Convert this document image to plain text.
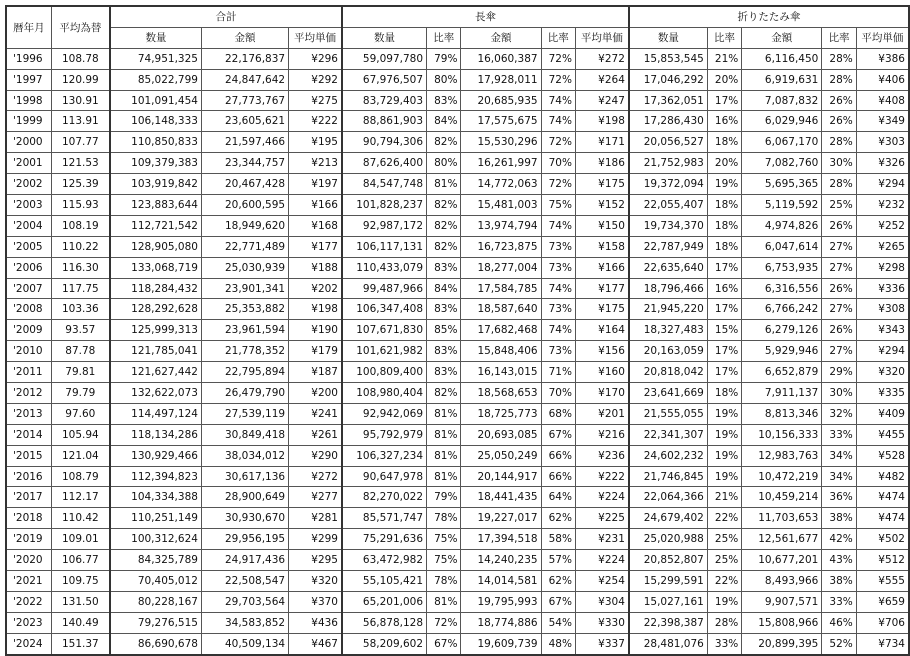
暦年月	平均為替	合計			長傘					折りたたみ傘				
		数量	金額	平均単価	数量	比率	金額	比率	平均単価	数量	比率	金額	比率	平均単価
'1996	108.78	74,951,325	22,176,837	¥296	59,097,780	79%	16,060,387	72%	¥272	15,853,545	21%	6,116,450	28%	¥386
'1997	120.99	85,022,799	24,847,642	¥292	67,976,507	80%	17,928,011	72%	¥264	17,046,292	20%	6,919,631	28%	¥406
'1998	130.91	101,091,454	27,773,767	¥275	83,729,403	83%	20,685,935	74%	¥247	17,362,051	17%	7,087,832	26%	¥408
'1999	113.91	106,148,333	23,605,621	¥222	88,861,903	84%	17,575,675	74%	¥198	17,286,430	16%	6,029,946	26%	¥349
'2000	107.77	110,850,833	21,597,466	¥195	90,794,306	82%	15,530,296	72%	¥171	20,056,527	18%	6,067,170	28%	¥303
'2001	121.53	109,379,383	23,344,757	¥213	87,626,400	80%	16,261,997	70%	¥186	21,752,983	20%	7,082,760	30%	¥326
'2002	125.39	103,919,842	20,467,428	¥197	84,547,748	81%	14,772,063	72%	¥175	19,372,094	19%	5,695,365	28%	¥294
'2003	115.93	123,883,644	20,600,595	¥166	101,828,237	82%	15,481,003	75%	¥152	22,055,407	18%	5,119,592	25%	¥232
'2004	108.19	112,721,542	18,949,620	¥168	92,987,172	82%	13,974,794	74%	¥150	19,734,370	18%	4,974,826	26%	¥252
'2005	110.22	128,905,080	22,771,489	¥177	106,117,131	82%	16,723,875	73%	¥158	22,787,949	18%	6,047,614	27%	¥265
'2006	116.30	133,068,719	25,030,939	¥188	110,433,079	83%	18,277,004	73%	¥166	22,635,640	17%	6,753,935	27%	¥298
'2007	117.75	118,284,432	23,901,341	¥202	99,487,966	84%	17,584,785	74%	¥177	18,796,466	16%	6,316,556	26%	¥336
'2008	103.36	128,292,628	25,353,882	¥198	106,347,408	83%	18,587,640	73%	¥175	21,945,220	17%	6,766,242	27%	¥308
'2009	93.57	125,999,313	23,961,594	¥190	107,671,830	85%	17,682,468	74%	¥164	18,327,483	15%	6,279,126	26%	¥343
'2010	87.78	121,785,041	21,778,352	¥179	101,621,982	83%	15,848,406	73%	¥156	20,163,059	17%	5,929,946	27%	¥294
'2011	79.81	121,627,442	22,795,894	¥187	100,809,400	83%	16,143,015	71%	¥160	20,818,042	17%	6,652,879	29%	¥320
'2012	79.79	132,622,073	26,479,790	¥200	108,980,404	82%	18,568,653	70%	¥170	23,641,669	18%	7,911,137	30%	¥335
'2013	97.60	114,497,124	27,539,119	¥241	92,942,069	81%	18,725,773	68%	¥201	21,555,055	19%	8,813,346	32%	¥409
'2014	105.94	118,134,286	30,849,418	¥261	95,792,979	81%	20,693,085	67%	¥216	22,341,307	19%	10,156,333	33%	¥455
'2015	121.04	130,929,466	38,034,012	¥290	106,327,234	81%	25,050,249	66%	¥236	24,602,232	19%	12,983,763	34%	¥528
'2016	108.79	112,394,823	30,617,136	¥272	90,647,978	81%	20,144,917	66%	¥222	21,746,845	19%	10,472,219	34%	¥482
'2017	112.17	104,334,388	28,900,649	¥277	82,270,022	79%	18,441,435	64%	¥224	22,064,366	21%	10,459,214	36%	¥474
'2018	110.42	110,251,149	30,930,670	¥281	85,571,747	78%	19,227,017	62%	¥225	24,679,402	22%	11,703,653	38%	¥474
'2019	109.01	100,312,624	29,956,195	¥299	75,291,636	75%	17,394,518	58%	¥231	25,020,988	25%	12,561,677	42%	¥502
'2020	106.77	84,325,789	24,917,436	¥295	63,472,982	75%	14,240,235	57%	¥224	20,852,807	25%	10,677,201	43%	¥512
'2021	109.75	70,405,012	22,508,547	¥320	55,105,421	78%	14,014,581	62%	¥254	15,299,591	22%	8,493,966	38%	¥555
'2022	131.50	80,228,167	29,703,564	¥370	65,201,006	81%	19,795,993	67%	¥304	15,027,161	19%	9,907,571	33%	¥659
'2023	140.49	79,276,515	34,583,852	¥436	56,878,128	72%	18,774,886	54%	¥330	22,398,387	28%	15,808,966	46%	¥706
'2024	151.37	86,690,678	40,509,134	¥467	58,209,602	67%	19,609,739	48%	¥337	28,481,076	33%	20,899,395	52%	¥734
